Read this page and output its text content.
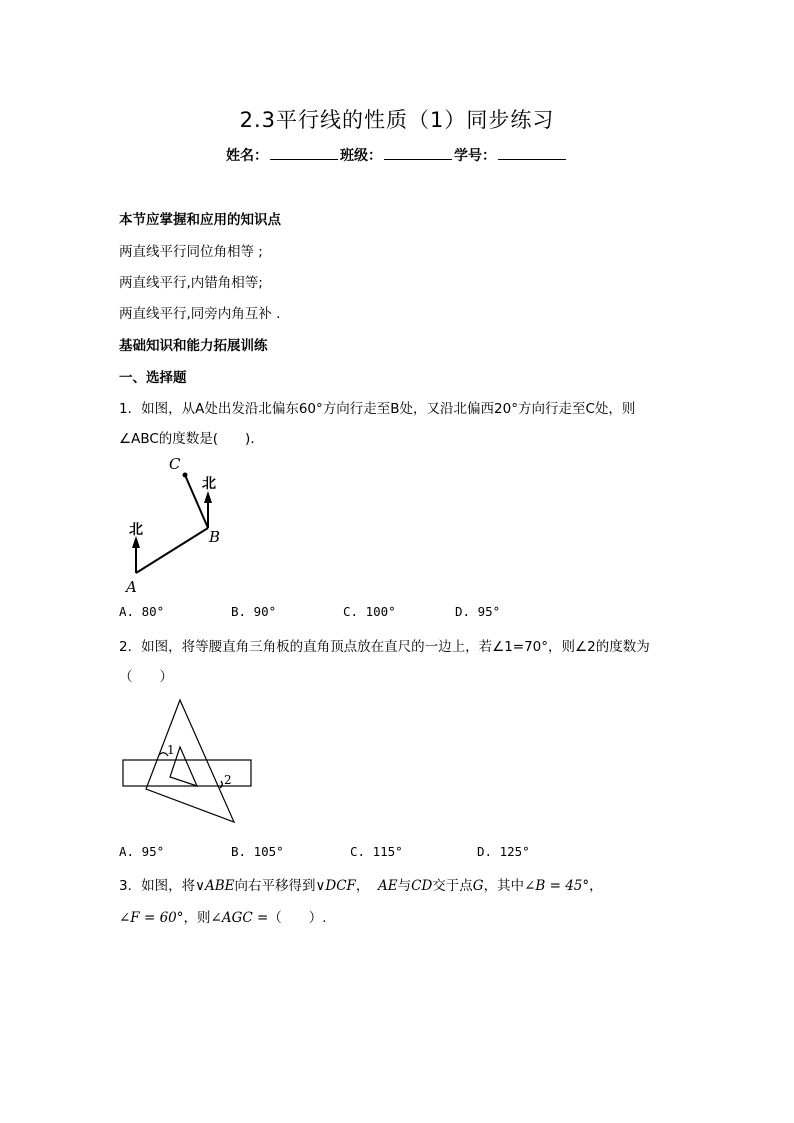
2.3平行线的性质（1）同步练习
姓名：	班级：	学号：
本节应掌握和应用的知识点
两直线平行同位角相等 ;
两直线平行,内错角相等;
两直线平行,同旁内角互补 .
基础知识和能力拓展训练
一、选择题
1．如图，从A处出发沿北偏东60°方向行走至B处，又沿北偏西20°方向行走至C处，则
∠ABC的度数是(　　)．
C
B
A
北
北
A. 80°	B. 90°	C. 100°	D. 95°
2．如图，将等腰直角三角板的直角顶点放在直尺的一边上，若∠1=70°，则∠2的度数为
（　　）
1
2
A. 95°	B. 105°	C. 115°	D. 125°
3．如图，将∨ABE向右平移得到∨DCF， AE与CD交于点G，其中∠B = 45°，
∠F = 60°，则∠AGC =（　　）.
